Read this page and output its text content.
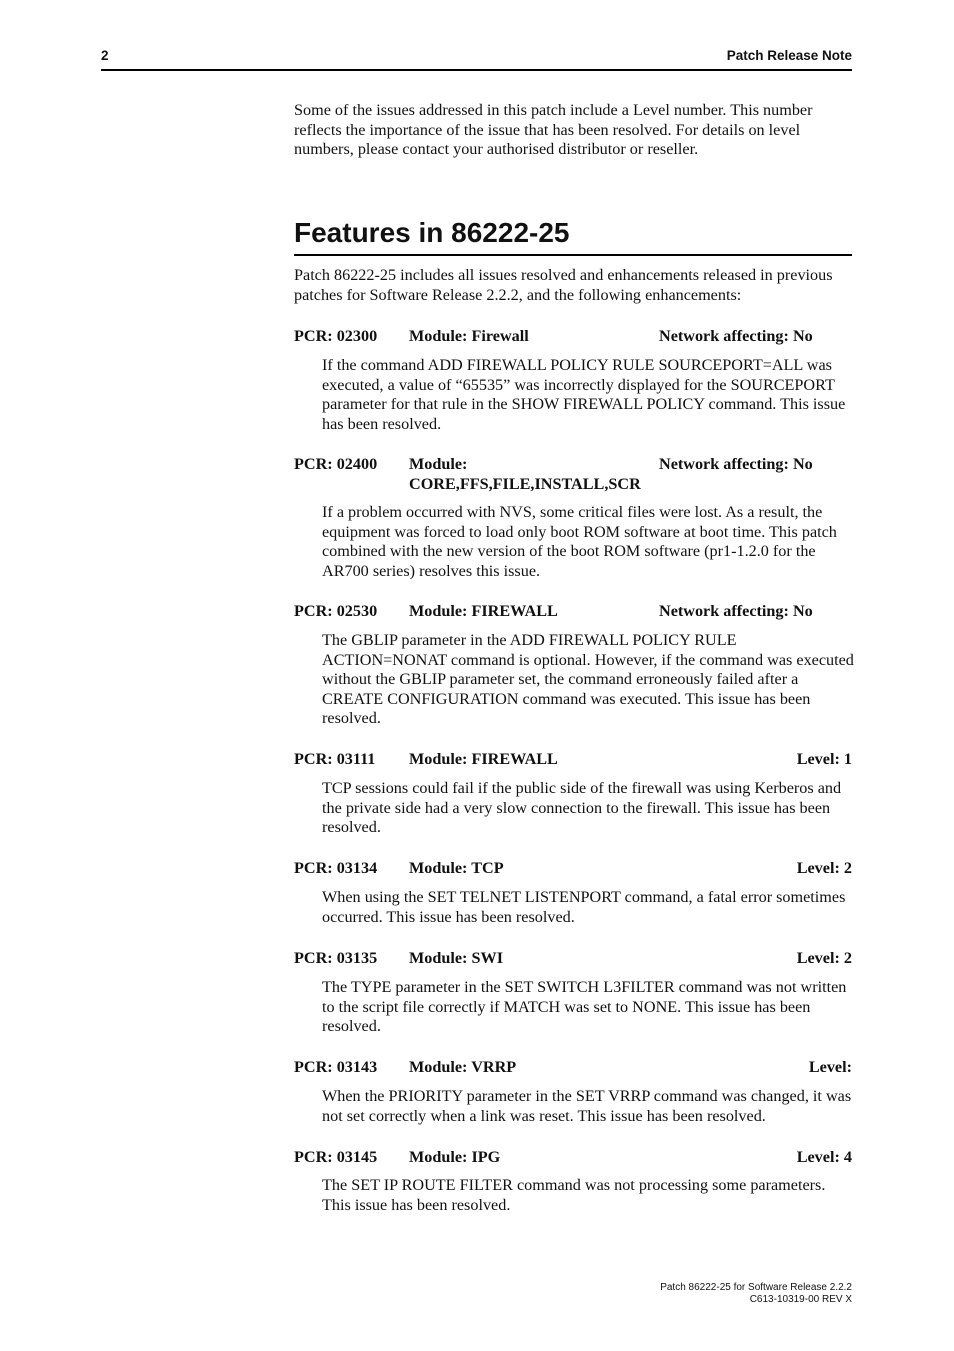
2	Patch Release Note

Some of the issues addressed in this patch include a Level number. This number reflects the importance of the issue that has been resolved. For details on level numbers, please contact your authorised distributor or reseller.

Features in 86222-25

Patch 86222-25 includes all issues resolved and enhancements released in previous patches for Software Release 2.2.2, and the following enhancements:

PCR: 02300 Module: Firewall	Network affecting: No

If the command ADD FIREWALL POLICY RULE SOURCEPORT=ALL was executed, a value of “65535” was incorrectly displayed for the SOURCEPORT parameter for that rule in the SHOW FIREWALL POLICY command. This issue has been resolved.

PCR: 02400 Module: CORE,FFS,FILE,INSTALL,SCR
Network affecting: No

If a problem occurred with NVS, some critical files were lost. As a result, the equipment was forced to load only boot ROM software at boot time. This patch combined with the new version of the boot ROM software (pr1-1.2.0 for the AR700 series) resolves this issue.

PCR: 02530 Module: FIREWALL	Network affecting: No

The GBLIP parameter in the ADD FIREWALL POLICY RULE ACTION=NONAT command is optional. However, if the command was executed without the GBLIP parameter set, the command erroneously failed after a CREATE CONFIGURATION command was executed. This issue has been resolved.

PCR: 03111 Module: FIREWALL	Level: 1

TCP sessions could fail if the public side of the firewall was using Kerberos and the private side had a very slow connection to the firewall. This issue has been resolved.

PCR: 03134 Module: TCP	Level: 2

When using the SET TELNET LISTENPORT command, a fatal error sometimes occurred. This issue has been resolved.

PCR: 03135 Module: SWI	Level: 2

The TYPE parameter in the SET SWITCH L3FILTER command was not written to the script file correctly if MATCH was set to NONE. This issue has been resolved.

PCR: 03143 Module: VRRP	Level:

When the PRIORITY parameter in the SET VRRP command was changed, it was not set correctly when a link was reset. This issue has been resolved.

PCR: 03145 Module: IPG	Level: 4

The SET IP ROUTE FILTER command was not processing some parameters. This issue has been resolved.

Patch 86222-25 for Software Release 2.2.2
C613-10319-00 REV X
